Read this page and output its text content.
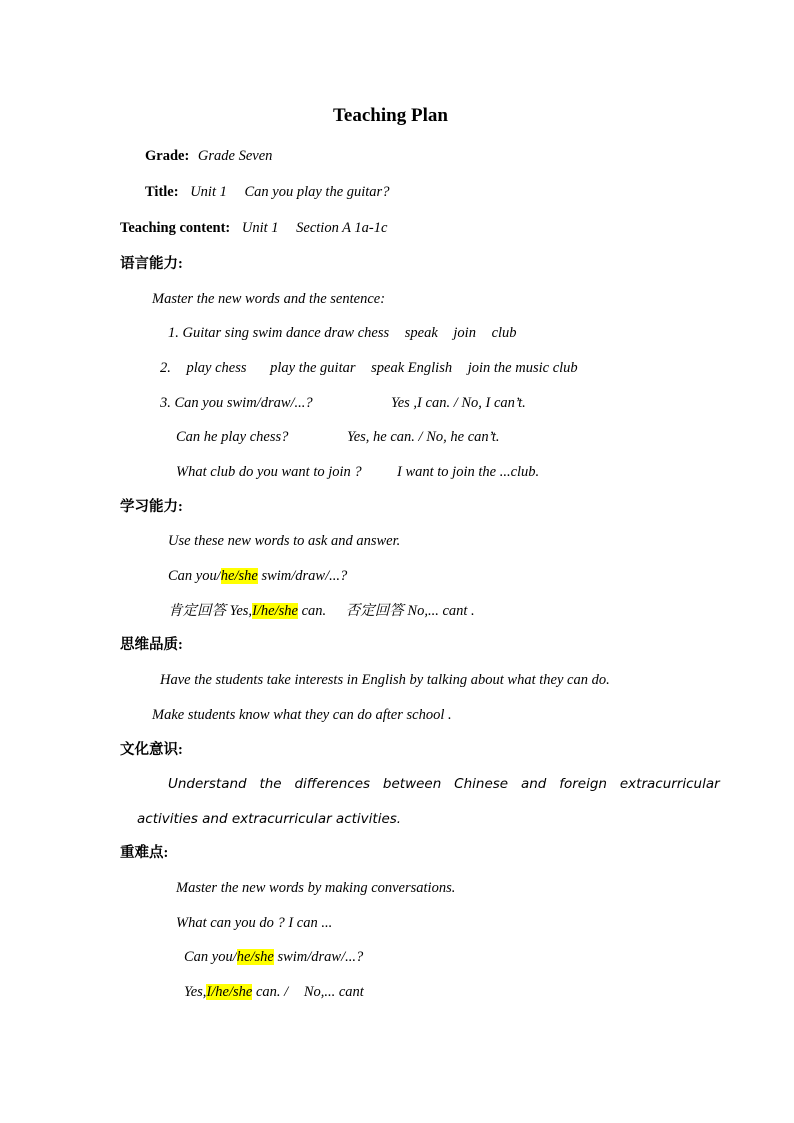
Teaching Plan
Grade: Grade Seven
Title: Unit 1 Can you play the guitar?
Teaching content: Unit 1 Section A 1a-1c
语言能力:
Master the new words and the sentence:
1. Guitar sing swim dance draw chess speak join club
2. play chess play the guitar speak English join the music club
3. Can you swim/draw/...?	Yes ,I can. / No, I can’t.
Can he play chess?	Yes, he can. / No, he can’t.
What club do you want to join ? I want to join the ...club.
学习能力:
Use these new words to ask and answer.
Can you/he/she swim/draw/...?
肯定回答 Yes,I/he/she can. 否定回答 No,... cant .
思维品质:
Have the students take interests in English by talking about what they can do.
Make students know what they can do after school .
文化意识:
Understand   the   differences   between   Chinese   and   foreign   extracurricular
activities and extracurricular activities.
重难点:
Master the new words by making conversations.
What can you do ? I can ...
Can you/he/she swim/draw/...?
Yes,I/he/she can. / No,... cant
